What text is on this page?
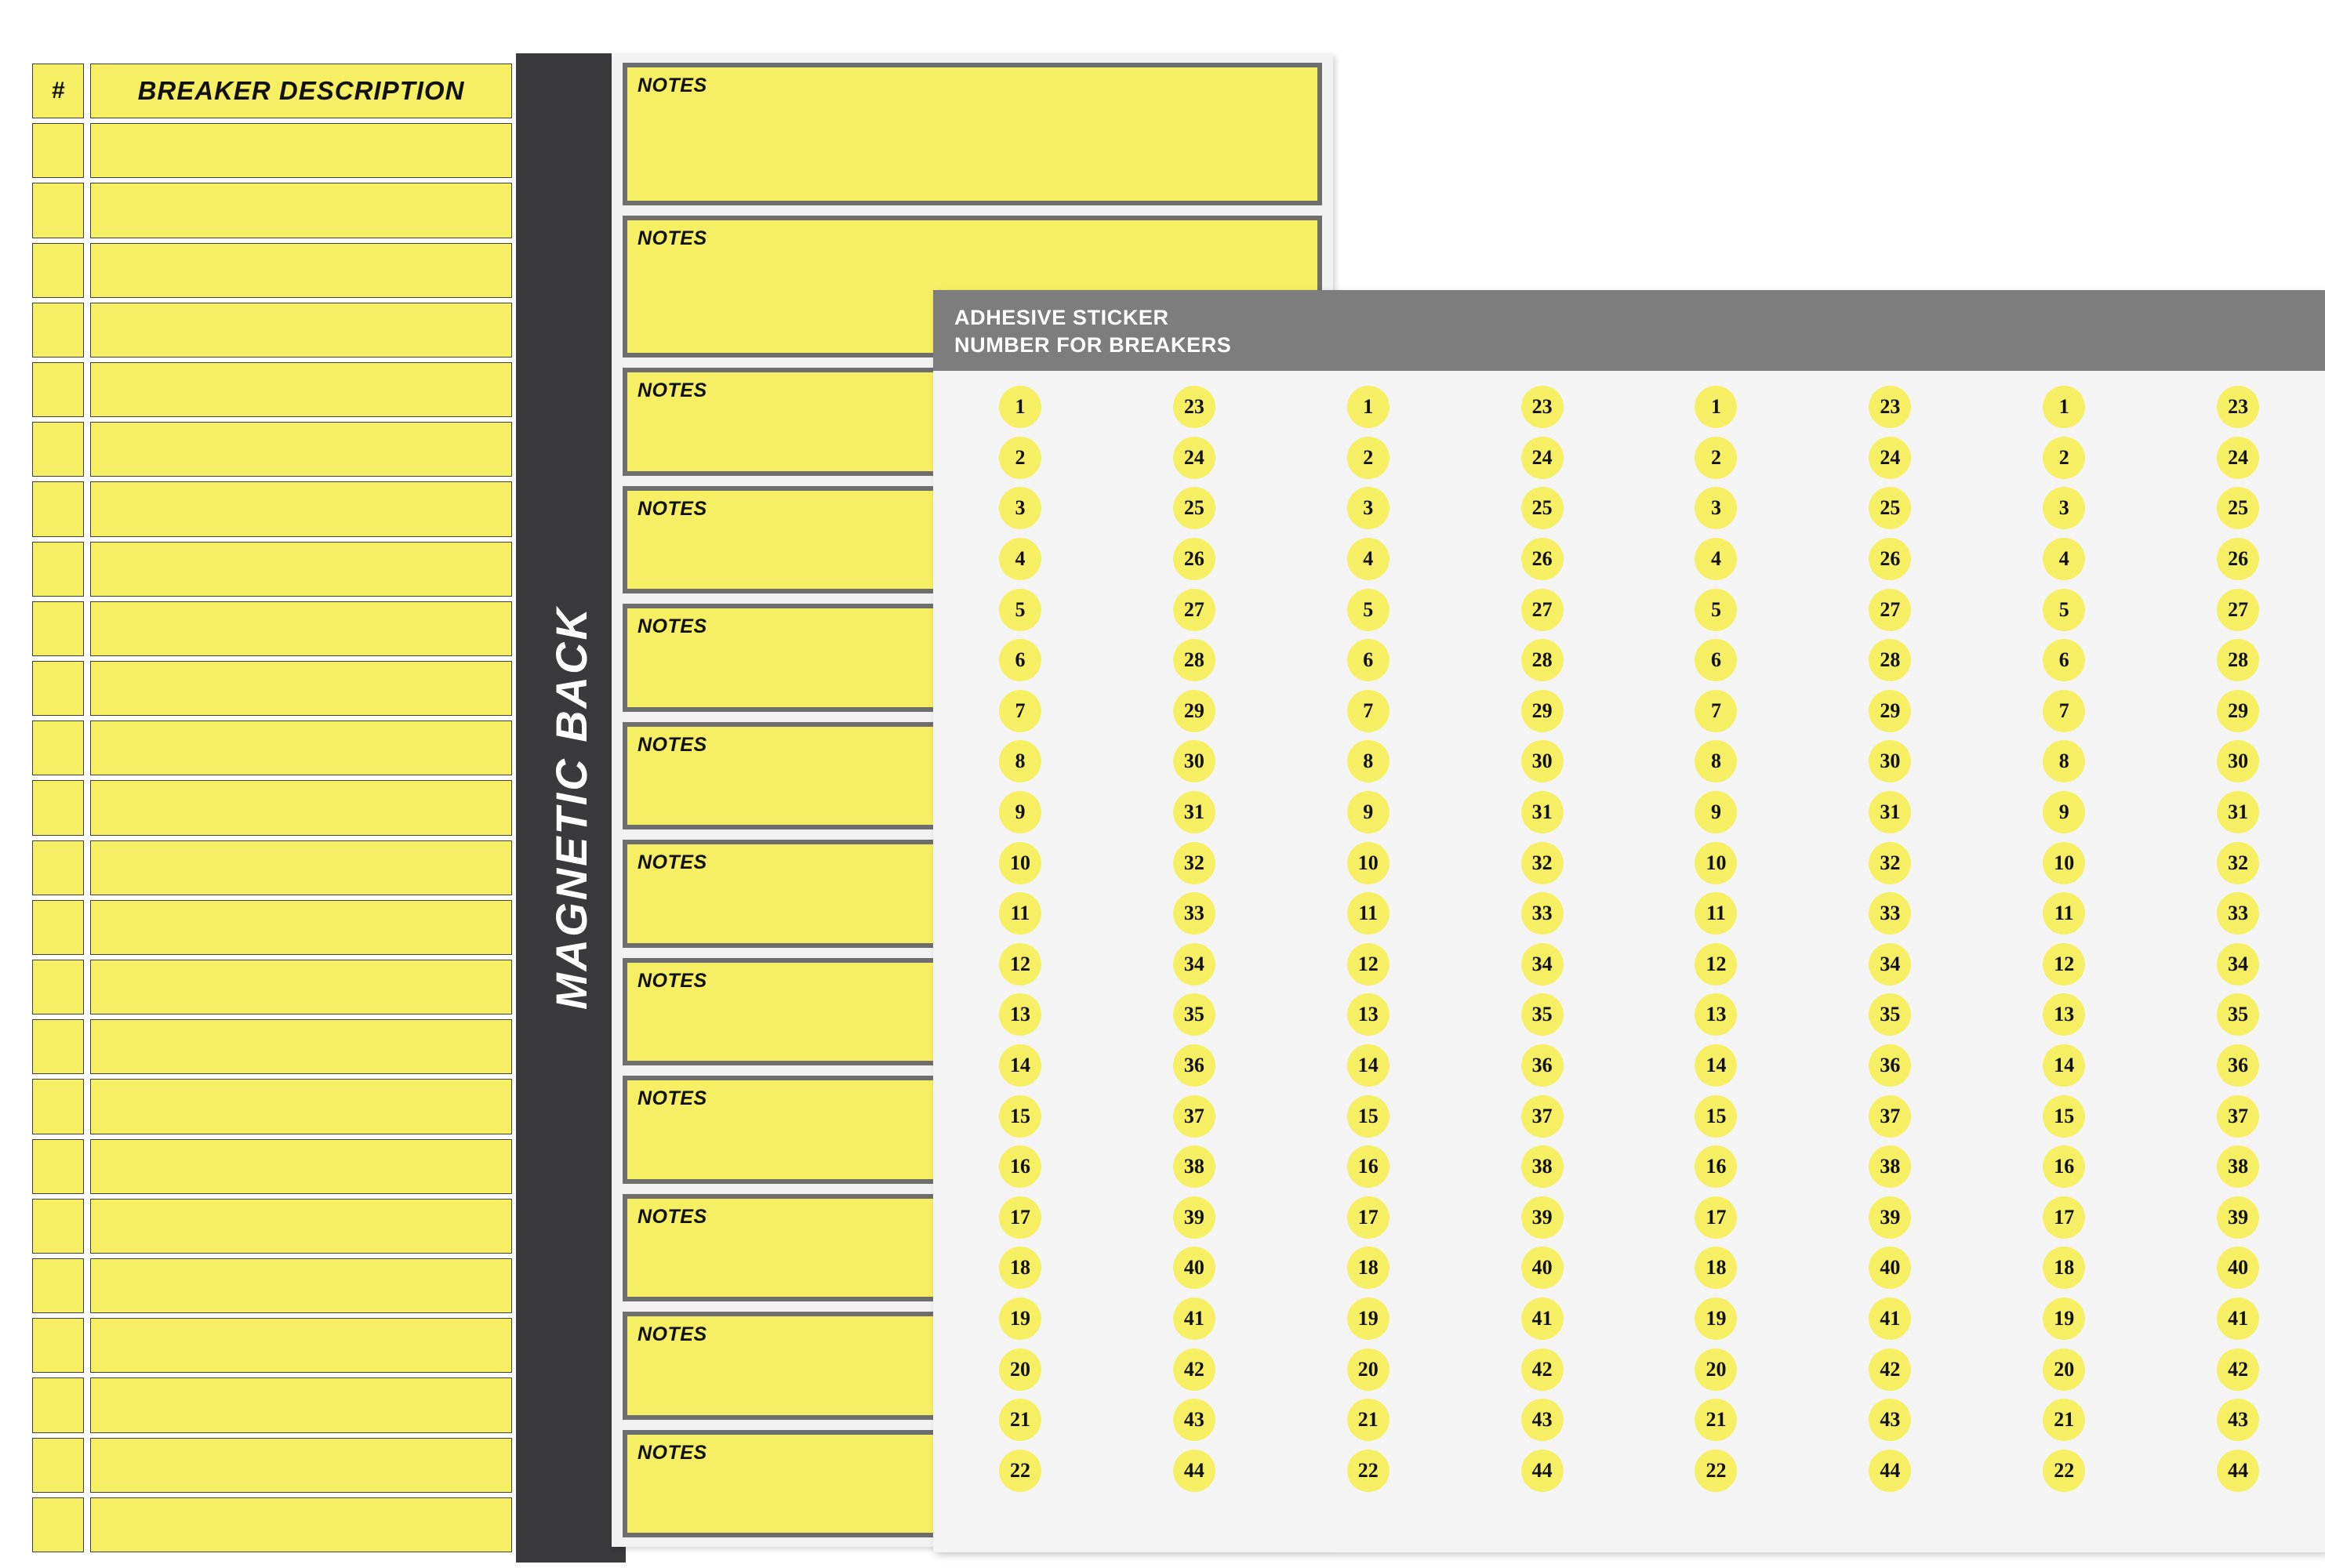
#	BREAKER DESCRIPTION
MAGNETIC BACK
NOTES
NOTES
NOTES
NOTES
NOTES
NOTES
NOTES
NOTES
NOTES
NOTES
NOTES
NOTES
ADHESIVE STICKER
NUMBER FOR BREAKERS
1	23	1	23	1	23	1	23
2	24	2	24	2	24	2	24
3	25	3	25	3	25	3	25
4	26	4	26	4	26	4	26
5	27	5	27	5	27	5	27
6	28	6	28	6	28	6	28
7	29	7	29	7	29	7	29
8	30	8	30	8	30	8	30
9	31	9	31	9	31	9	31
10	32	10	32	10	32	10	32
11	33	11	33	11	33	11	33
12	34	12	34	12	34	12	34
13	35	13	35	13	35	13	35
14	36	14	36	14	36	14	36
15	37	15	37	15	37	15	37
16	38	16	38	16	38	16	38
17	39	17	39	17	39	17	39
18	40	18	40	18	40	18	40
19	41	19	41	19	41	19	41
20	42	20	42	20	42	20	42
21	43	21	43	21	43	21	43
22	44	22	44	22	44	22	44
